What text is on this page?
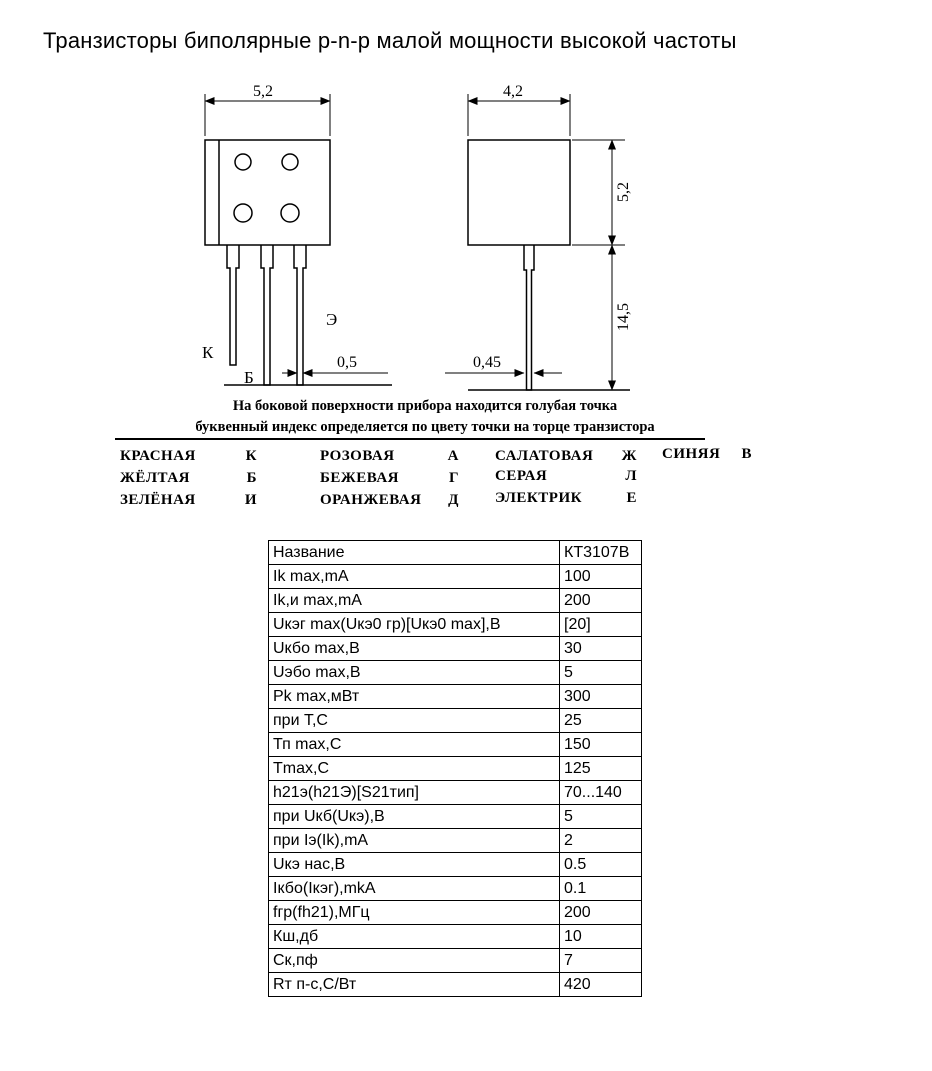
Транзисторы биполярные p-n-p малой мощности высокой частоты
5,2	4,2
5,2
14,5
0,5	0,45
К
Б
Э
На боковой поверхности прибора находится голубая точка
буквенный индекс определяется по цвету точки на торце транзистора
КРАСНАЯ	К	РОЗОВАЯ	А САЛАТОВАЯ Ж СИНЯЯ В
ЖЁЛТАЯ	Б	БЕЖЕВАЯ	Г СЕРАЯ	Л
ЗЕЛЁНАЯ	И	ОРАНЖЕВАЯ Д ЭЛЕКТРИК	Е
Название	КТ3107В
Ik max,mA	100
Ik,и max,mA	200
Uкэг max(Uкэ0 гр)[Uкэ0 max],В	[20]
Uкбо max,В	30
Uэбо max,В	5
Pk max,мВт	300
при Т,С	25
Тп max,С	150
Tmax,С	125
h21э(h21Э)[S21тип]	70...140
при Uкб(Uкэ),В	5
при Iэ(Ik),mA	2
Uкэ нас,В	0.5
Iкбо(Iкэг),mkA	0.1
fгр(fh21),МГц	200
Кш,дб	10
Ск,пф	7
Rт п-с,С/Вт	420
